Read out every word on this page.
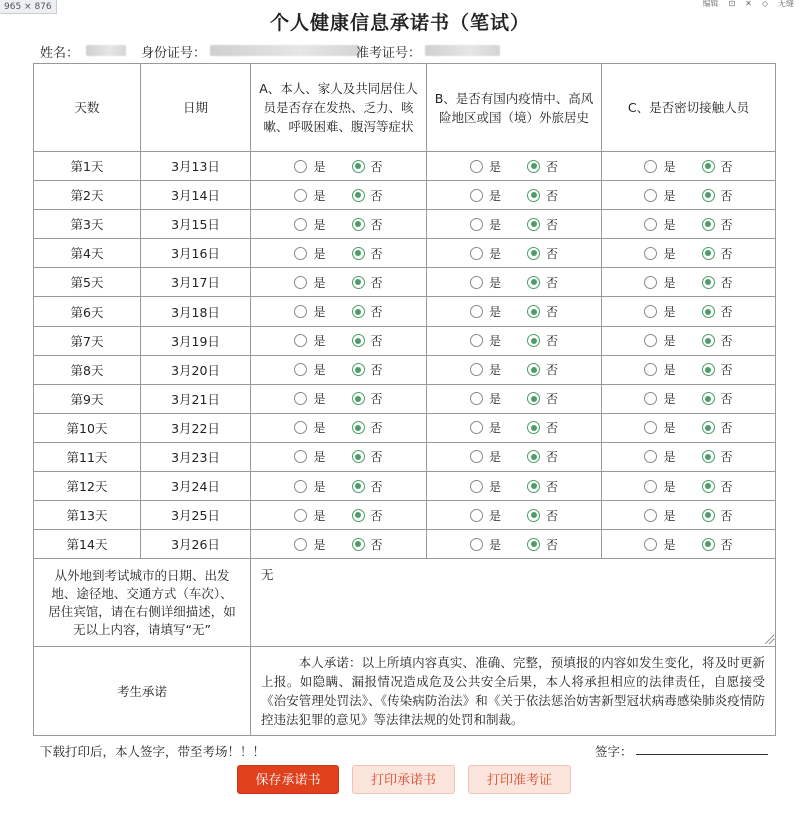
965 × 876	编辑 ⊡ ✕ ◇ 无缝
个人健康信息承诺书（笔试）
姓名：	身份证号：	准考证号：
天数	日期	A、本人、家人及共同居住人员是否存在发热、乏力、咳嗽、呼吸困难、腹泻等症状	B、是否有国内疫情中、高风险地区或国（境）外旅居史	C、是否密切接触人员
第1天	3月13日	是 否	是 否	是 否

第2天	3月14日	是 否	是 否	是 否

第3天	3月15日	是 否	是 否	是 否

第4天	3月16日	是 否	是 否	是 否

第5天	3月17日	是 否	是 否	是 否

第6天	3月18日	是 否	是 否	是 否

第7天	3月19日	是 否	是 否	是 否

第8天	3月20日	是 否	是 否	是 否

第9天	3月21日	是 否	是 否	是 否

第10天	3月22日	是 否	是 否	是 否

第11天	3月23日	是 否	是 否	是 否

第12天	3月24日	是 否	是 否	是 否

第13天	3月25日	是 否	是 否	是 否

第14天	3月26日	是 否	是 否	是 否

从外地到考试城市的日期、出发地、途径地、交通方式（车次）、居住宾馆，请在右侧详细描述，如无以上内容，请填写“无”	无

考生承诺	   	本人承诺：以上所填内容真实、准确、完整，预填报的内容如发生变化，将及时更新上报。如隐瞒、漏报情况造成危及公共安全后果，本人将承担相应的法律责任，自愿接受《治安管理处罚法》、《传染病防治法》和《关于依法惩治妨害新型冠状病毒感染肺炎疫情防控违法犯罪的意见》等法律法规的处罚和制裁。		
下载打印后，本人签字，带至考场！！！	签字：
保存承诺书	打印承诺书	打印准考证
